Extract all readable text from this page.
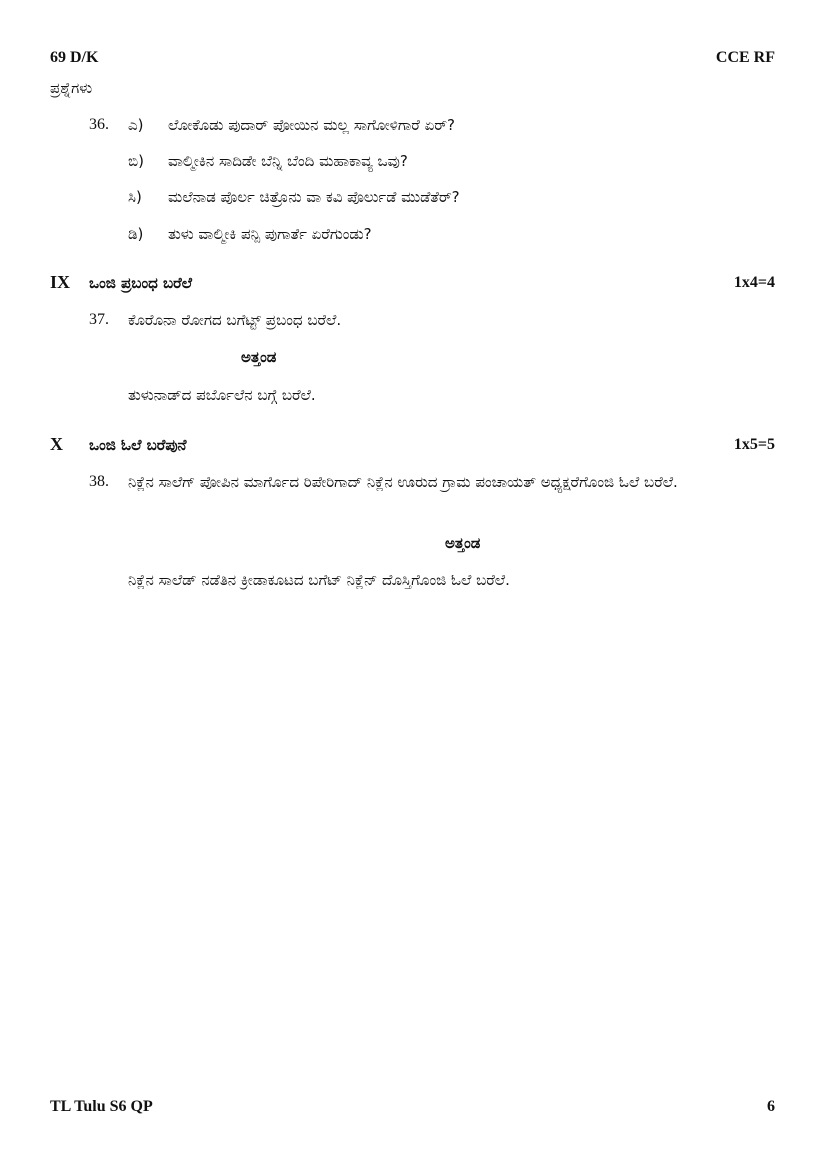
69 D/K	CCE RF
ಪ್ರಶ್ನೆಗಳು
36. ಎ) ಲೋಕೊಡು ಪುದಾರ್ ಪೋಯಿನ ಮಲ್ಲ ಸಾಗೋಳಿಗಾರೆ ಏರ್?
ಬಿ) ವಾಲ್ಮೀಕಿನ ಸಾದಿಡೇ ಬೆನ್ನಿ ಬೆಂದಿ ಮಹಾಕಾವ್ಯ ಒವು?
ಸಿ) ಮಲೆನಾಡ ಪೊರ್ಲ ಚಿತ್ರೊನು ವಾ ಕವಿ ಪೊರ್ಲುಡೆ ಮುಡೆತೆರ್?
ಡಿ) ತುಳು ವಾಲ್ಮೀಕಿ ಪನ್ಪಿ ಪುಗಾರ್ತೆ ಏರೆಗುಂಡು?
IX ಒಂಜಿ ಪ್ರಬಂಧ ಬರೆಲೆ	1x4=4
37. ಕೊರೊನಾ ರೋಗದ ಬಗೆಟ್ಟ್ ಪ್ರಬಂಧ ಬರೆಲೆ.
ಅತ್ತಂಡ
ತುಳುನಾಡ್‌ದ ಪರ್ಬೊಲೆನ ಬಗ್ಗೆ ಬರೆಲೆ.
X ಒಂಜಿ ಓಲೆ ಬರೆಪುನೆ	1x5=5
38. ನಿಕ್ಲೆನ ಸಾಲೆಗ್ ಪೋಪಿನ ಮಾರ್ಗೊದ ರಿಪೇರಿಗಾದ್ ನಿಕ್ಲೆನ ಊರುದ ಗ್ರಾಮ ಪಂಚಾಯತ್ ಅಧ್ಯಕ್ಷರೆಗೊಂಜಿ ಓಲೆ ಬರೆಲೆ.
ಅತ್ತಂಡ
ನಿಕ್ಲೆನ ಸಾಲೆಡ್ ನಡೆತಿನ ಕ್ರೀಡಾಕೂಟದ ಬಗೆಟ್ ನಿಕ್ಲೆನ್ ದೊಸ್ತಿಗೊಂಜಿ ಓಲೆ ಬರೆಲೆ.
TL Tulu S6 QP	6
